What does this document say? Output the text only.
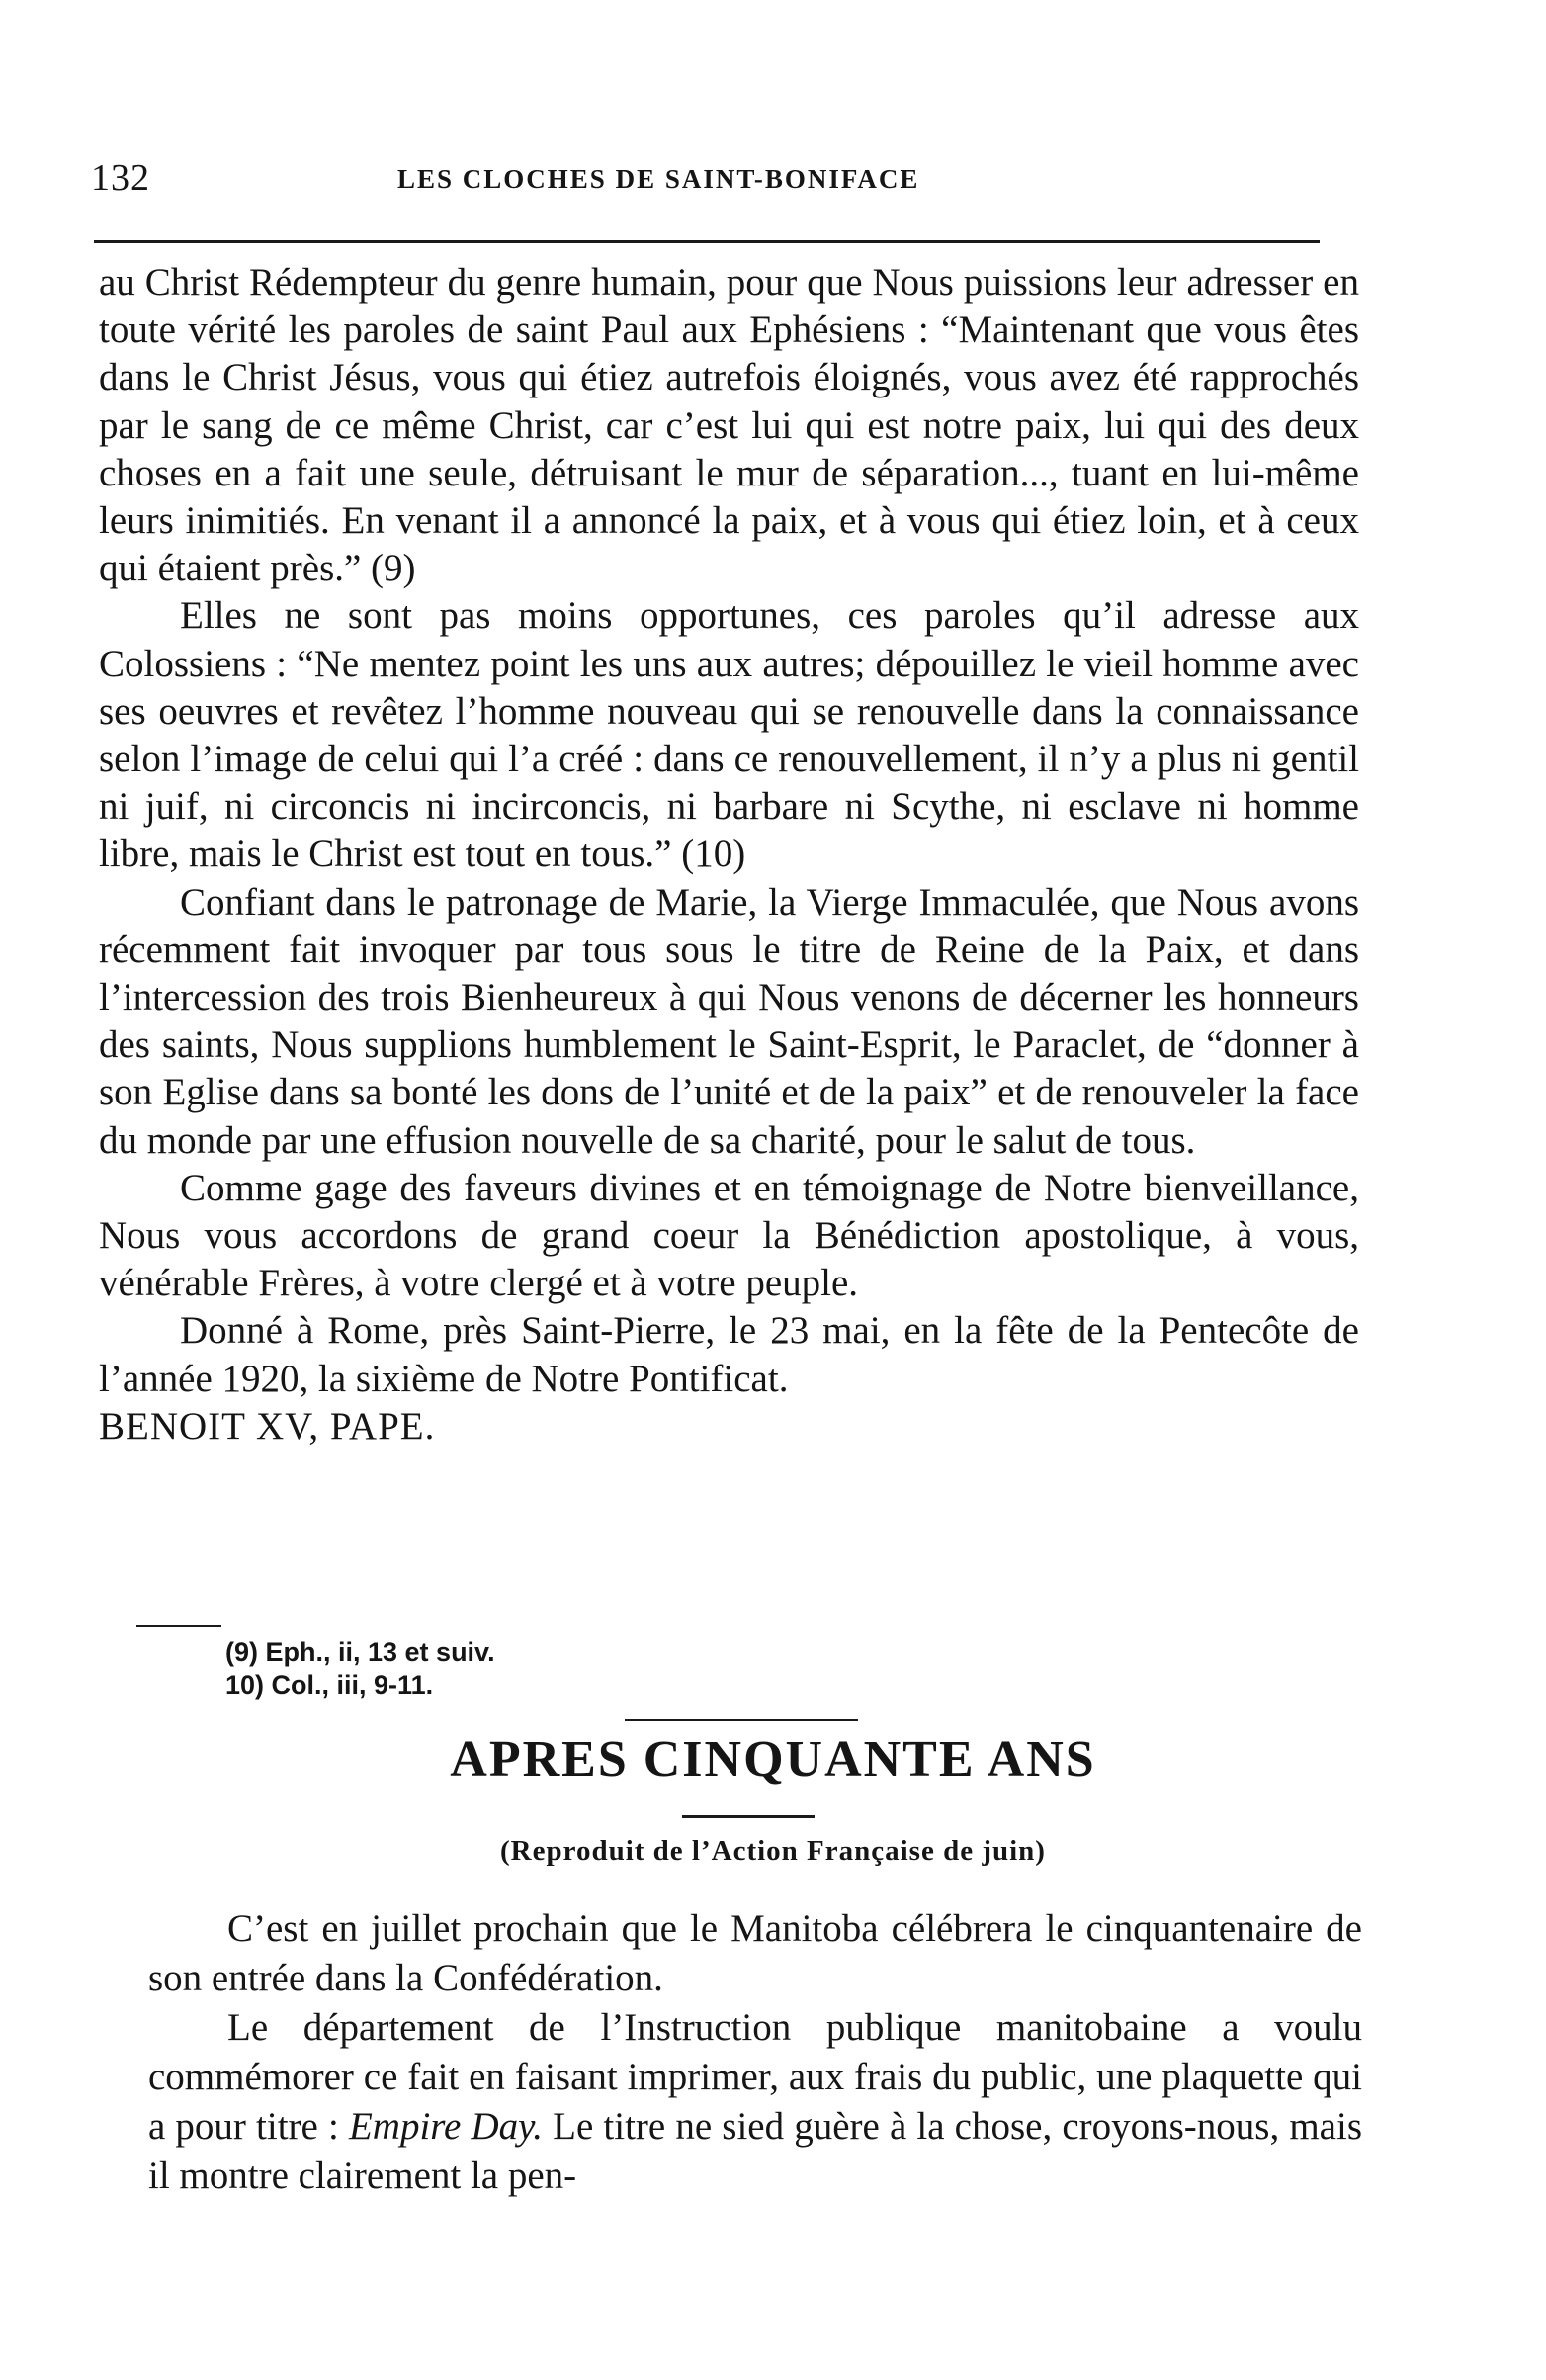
132	LES CLOCHES DE SAINT-BONIFACE

au Christ Rédempteur du genre humain, pour que Nous puissions leur adresser en toute vérité les paroles de saint Paul aux Ephésiens : “Maintenant que vous êtes dans le Christ Jésus, vous qui étiez autrefois éloignés, vous avez été rapprochés par le sang de ce même Christ, car c’est lui qui est notre paix, lui qui des deux choses en a fait une seule, détruisant le mur de séparation..., tuant en lui-même leurs inimitiés. En venant il a annoncé la paix, et à vous qui étiez loin, et à ceux qui étaient près.” (9)

Elles ne sont pas moins opportunes, ces paroles qu’il adresse aux Colossiens : “Ne mentez point les uns aux autres; dépouillez le vieil homme avec ses oeuvres et revêtez l’homme nouveau qui se renouvelle dans la connaissance selon l’image de celui qui l’a créé : dans ce renouvellement, il n’y a plus ni gentil ni juif, ni circoncis ni incirconcis, ni barbare ni Scythe, ni esclave ni homme libre, mais le Christ est tout en tous.” (10)

Confiant dans le patronage de Marie, la Vierge Immaculée, que Nous avons récemment fait invoquer par tous sous le titre de Reine de la Paix, et dans l’intercession des trois Bienheureux à qui Nous venons de décerner les honneurs des saints, Nous supplions humblement le Saint-Esprit, le Paraclet, de “donner à son Eglise dans sa bonté les dons de l’unité et de la paix” et de renouveler la face du monde par une effusion nouvelle de sa charité, pour le salut de tous.

Comme gage des faveurs divines et en témoignage de Notre bienveillance, Nous vous accordons de grand coeur la Bénédiction apostolique, à vous, vénérable Frères, à votre clergé et à votre peuple.

Donné à Rome, près Saint-Pierre, le 23 mai, en la fête de la Pentecôte de l’année 1920, la sixième de Notre Pontificat.

BENOIT XV, PAPE.

(9) Eph., ii, 13 et suiv.

10) Col., iii, 9-11.

APRES CINQUANTE ANS

(Reproduit de l’Action Française de juin)

C’est en juillet prochain que le Manitoba célébrera le cinquantenaire de son entrée dans la Confédération.

Le département de l’Instruction publique manitobaine a voulu commémorer ce fait en faisant imprimer, aux frais du public, une plaquette qui a pour titre : Empire Day. Le titre ne sied guère à la chose, croyons-nous, mais il montre clairement la pen-
